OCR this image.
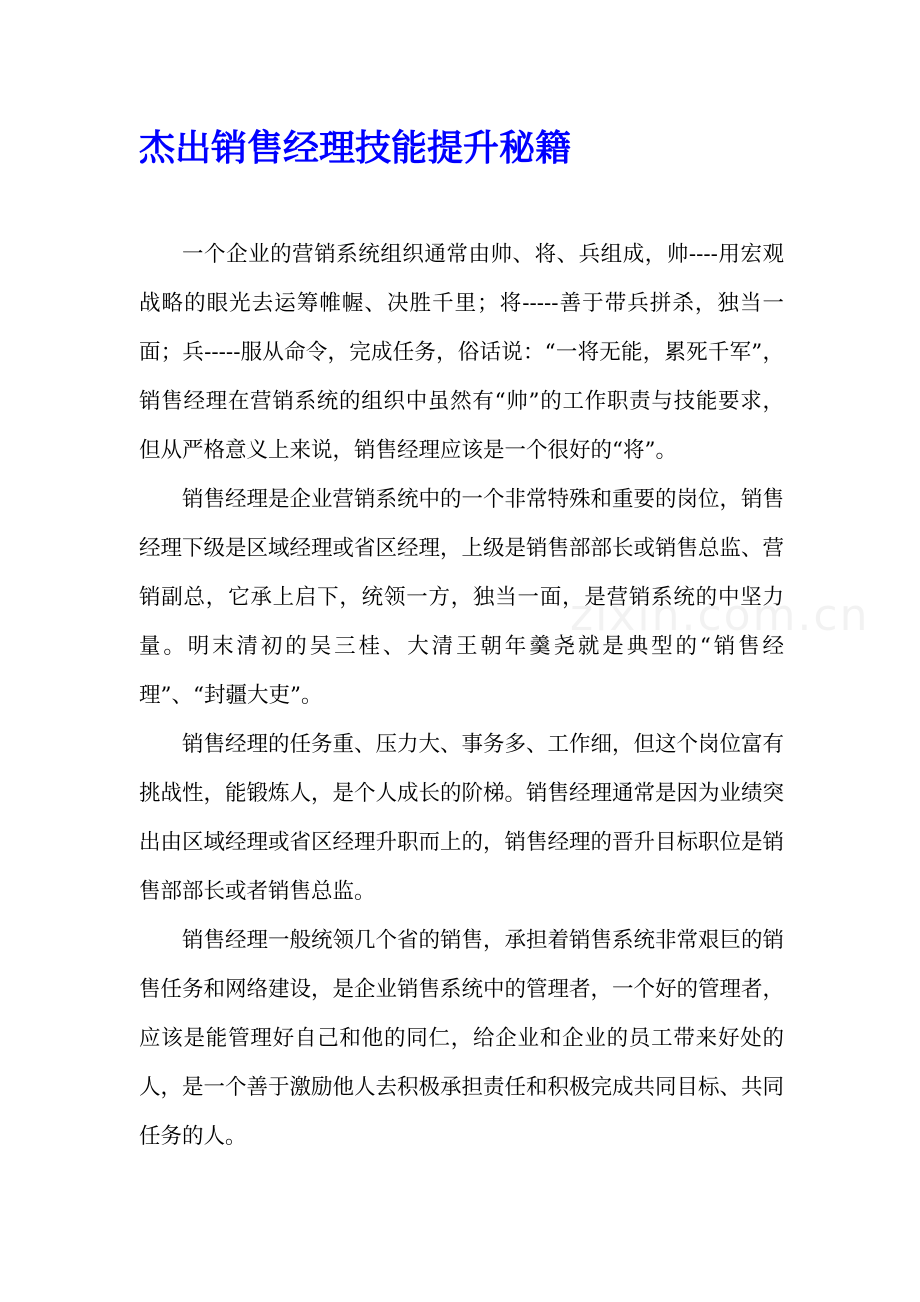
杰出销售经理技能提升秘籍

一个企业的营销系统组织通常由帅、将、兵组成，帅----用宏观战略的眼光去运筹帷幄、决胜千里；将-----善于带兵拼杀，独当一面；兵-----服从命令，完成任务，俗话说：“一将无能，累死千军”，销售经理在营销系统的组织中虽然有“帅”的工作职责与技能要求，但从严格意义上来说，销售经理应该是一个很好的“将”。

销售经理是企业营销系统中的一个非常特殊和重要的岗位，销售经理下级是区域经理或省区经理，上级是销售部部长或销售总监、营销副总，它承上启下，统领一方，独当一面，是营销系统的中坚力量。明末清初的吴三桂、大清王朝年羹尧就是典型的“销售经理”、“封疆大吏”。

销售经理的任务重、压力大、事务多、工作细，但这个岗位富有挑战性，能锻炼人，是个人成长的阶梯。销售经理通常是因为业绩突出由区域经理或省区经理升职而上的，销售经理的晋升目标职位是销售部部长或者销售总监。

销售经理一般统领几个省的销售，承担着销售系统非常艰巨的销售任务和网络建设，是企业销售系统中的管理者，一个好的管理者，应该是能管理好自己和他的同仁，给企业和企业的员工带来好处的人，是一个善于激励他人去积极承担责任和积极完成共同目标、共同任务的人。

zixin.com.cn
